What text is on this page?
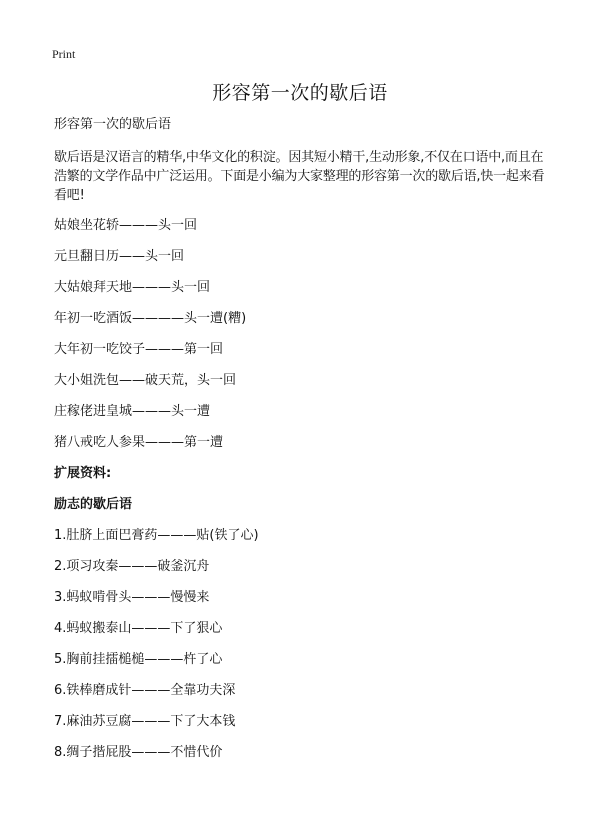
Print
形容第一次的歇后语

形容第一次的歇后语

歇后语是汉语言的精华,中华文化的积淀。因其短小精干,生动形象,不仅在口语中,而且在浩繁的文学作品中广泛运用。下面是小编为大家整理的形容第一次的歇后语,快一起来看看吧!

姑娘坐花轿———头一回
元旦翻日历——头一回
大姑娘拜天地———头一回
年初一吃酒饭————头一遭(糟)
大年初一吃饺子———第一回
大小姐洗包——破天荒，头一回
庄稼佬进皇城———头一遭
猪八戒吃人参果———第一遭

扩展资料:

励志的歇后语

1.肚脐上面巴膏药———贴(铁了心)
2.项习攻秦———破釜沉舟
3.蚂蚁啃骨头———慢慢来
4.蚂蚁搬泰山———下了狠心
5.胸前挂擂槌槌———杵了心
6.铁棒磨成针———全靠功夫深
7.麻油苏豆腐———下了大本钱
8.绸子揩屁股———不惜代价
